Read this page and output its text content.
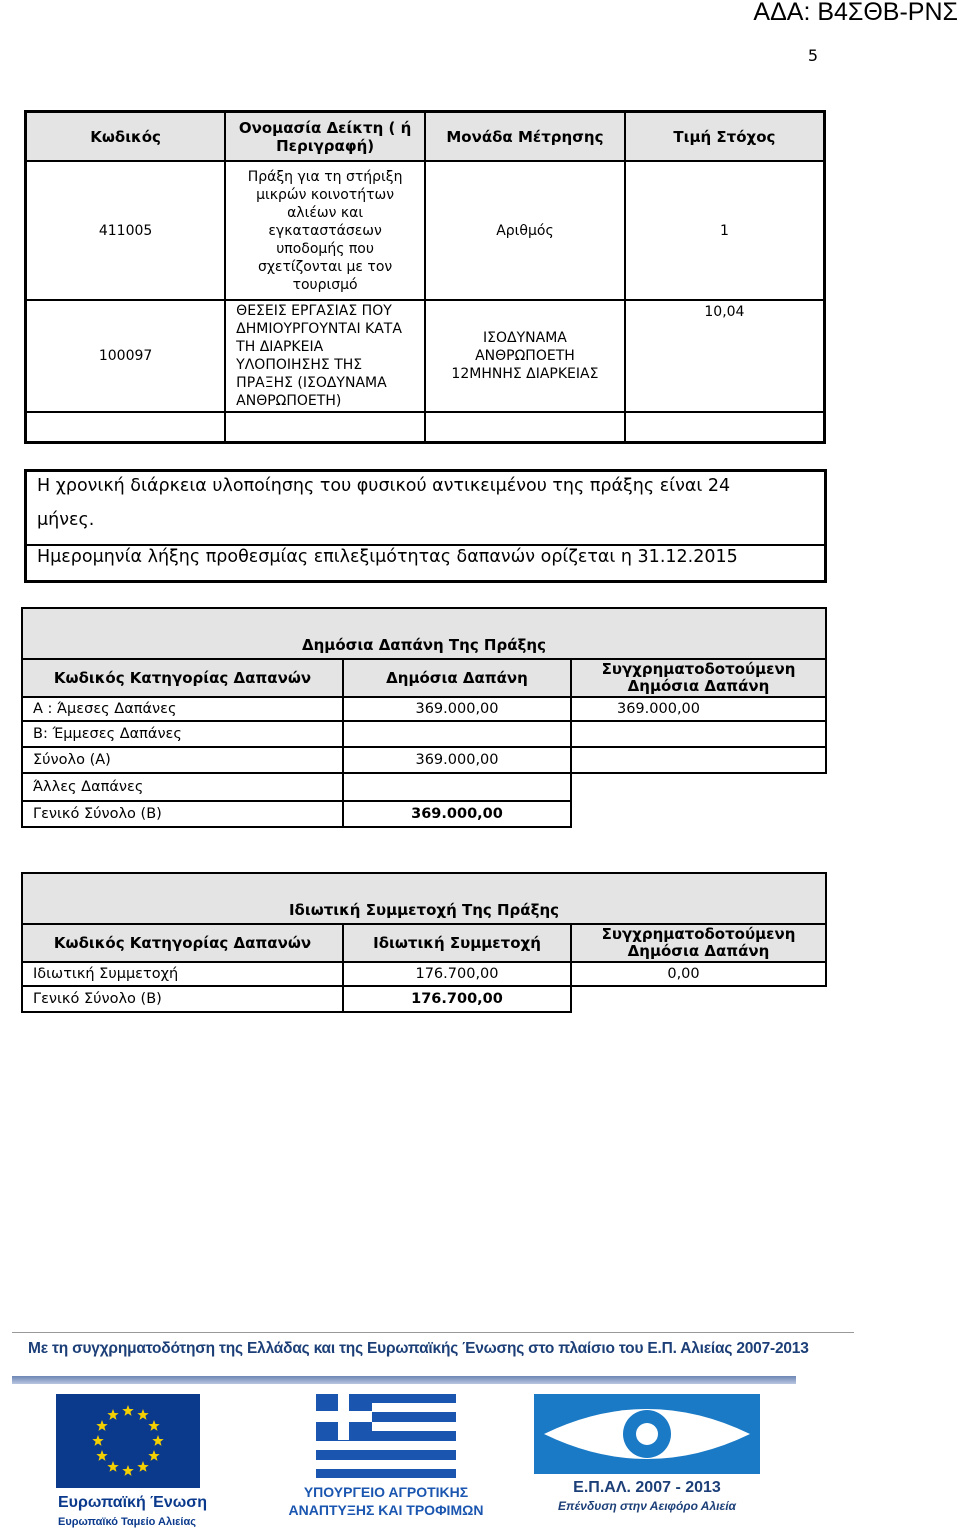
ΑΔΑ: Β4ΣΘΒ-ΡΝΣ
5
Κωδικός	Ονομασία Δείκτη ( ή Περιγραφή)	Μονάδα Μέτρησης	Τιμή Στόχος
411005	Πράξη για τη στήριξη μικρών κοινοτήτων αλιέων και εγκαταστάσεων υποδομής που σχετίζονται με τον τουρισμό	Αριθμός	1
100097	ΘΕΣΕΙΣ ΕΡΓΑΣΙΑΣ ΠΟΥ ΔΗΜΙΟΥΡΓΟΥΝΤΑΙ ΚΑΤΑ ΤΗ ΔΙΑΡΚΕΙΑ ΥΛΟΠΟΙΗΣΗΣ ΤΗΣ ΠΡΑΞΗΣ (ΙΣΟΔΥΝΑΜΑ ΑΝΘΡΩΠΟΕΤΗ)	ΙΣΟΔΥΝΑΜΑ ΑΝΘΡΩΠΟΕΤΗ 12ΜΗΝΗΣ ΔΙΑΡΚΕΙΑΣ	10,04

Η χρονική διάρκεια υλοποίησης του φυσικού αντικειμένου της πράξης είναι 24

μήνες.

Ημερομηνία λήξης προθεσμίας επιλεξιμότητας δαπανών ορίζεται η 31.12.2015

Δημόσια Δαπάνη Της Πράξης		
Κωδικός Κατηγορίας Δαπανών	Δημόσια Δαπάνη	Συγχρηματοδοτούμενη Δημόσια Δαπάνη
Α : Άμεσες Δαπάνες	369.000,00	369.000,00
Β: Έμμεσες Δαπάνες		
Σύνολο (Α)	369.000,00	
Άλλες Δαπάνες		
Γενικό Σύνολο (Β)	369.000,00	
Ιδιωτική Συμμετοχή Της Πράξης		
Κωδικός Κατηγορίας Δαπανών	Ιδιωτική Συμμετοχή	Συγχρηματοδοτούμενη Δημόσια Δαπάνη
Ιδιωτική Συμμετοχή	176.700,00	0,00
Γενικό Σύνολο (Β)	176.700,00	
Με τη συγχρηματοδότηση της Ελλάδας και της Ευρωπαϊκής Ένωσης στο πλαίσιο του Ε.Π. Αλιείας 2007-2013
Ευρωπαϊκή Ένωση
Ευρωπαϊκό Ταμείο Αλιείας
ΥΠΟΥΡΓΕΙΟ ΑΓΡΟΤΙΚΗΣ
ΑΝΑΠΤΥΞΗΣ ΚΑΙ ΤΡΟΦΙΜΩΝ
Ε.Π.ΑΛ. 2007 - 2013
Επένδυση στην Αειφόρο Αλιεία
